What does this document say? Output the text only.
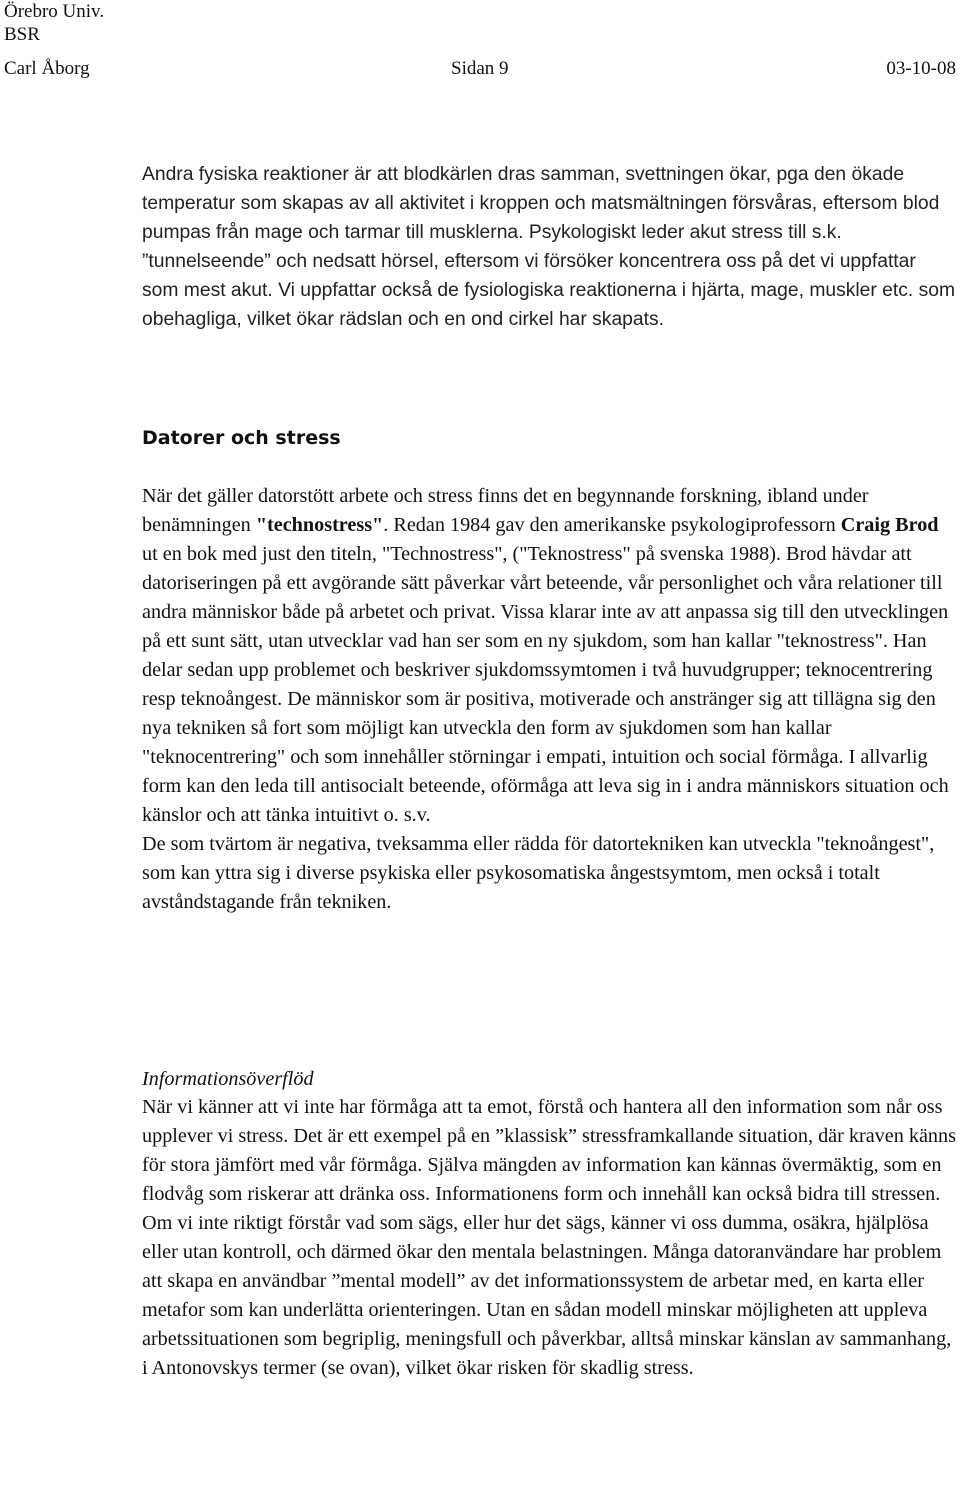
Örebro Univ.
BSR
Carl Åborg	Sidan 9	03-10-08
Andra fysiska reaktioner är att blodkärlen dras samman, svettningen ökar, pga den ökade temperatur som skapas av all aktivitet i kroppen och matsmältningen försvåras, eftersom blod pumpas från mage och tarmar till musklerna. Psykologiskt leder akut stress till s.k. ”tunnelseende” och nedsatt hörsel, eftersom vi försöker koncentrera oss på det vi uppfattar som mest akut. Vi uppfattar också de fysiologiska reaktionerna i hjärta, mage, muskler etc. som obehagliga, vilket ökar rädslan och en ond cirkel har skapats.
Datorer och stress

När det gäller datorstött arbete och stress finns det en begynnande forskning, ibland under benämningen "technostress". Redan 1984 gav den amerikanske psykologiprofessorn Craig Brod ut en bok med just den titeln, "Technostress", ("Teknostress" på svenska 1988). Brod hävdar att datoriseringen på ett avgörande sätt påverkar vårt beteende, vår personlighet och våra relationer till andra människor både på arbetet och privat. Vissa klarar inte av att anpassa sig till den utvecklingen på ett sunt sätt, utan utvecklar vad han ser som en ny sjukdom, som han kallar "teknostress". Han delar sedan upp problemet och beskriver sjukdomssymtomen i två huvudgrupper; teknocentrering resp teknoångest. De människor som är positiva, motiverade och anstränger sig att tillägna sig den nya tekniken så fort som möjligt kan utveckla den form av sjukdomen som han kallar "teknocentrering" och som innehåller störningar i empati, intuition och social förmåga. I allvarlig form kan den leda till antisocialt beteende, oförmåga att leva sig in i andra människors situation och känslor och att tänka intuitivt o. s.v.

De som tvärtom är negativa, tveksamma eller rädda för datortekniken kan utveckla "teknoångest", som kan yttra sig i diverse psykiska eller psykosomatiska ångestsymtom, men också i totalt avståndstagande från tekniken.

Informationsöverflöd

När vi känner att vi inte har förmåga att ta emot, förstå och hantera all den information som når oss upplever vi stress. Det är ett exempel på en ”klassisk” stressframkallande situation, där kraven känns för stora jämfört med vår förmåga. Själva mängden av information kan kännas övermäktig, som en flodvåg som riskerar att dränka oss. Informationens form och innehåll kan också bidra till stressen. Om vi inte riktigt förstår vad som sägs, eller hur det sägs, känner vi oss dumma, osäkra, hjälplösa eller utan kontroll, och därmed ökar den mentala belastningen. Många datoranvändare har problem att skapa en användbar ”mental modell” av det informationssystem de arbetar med, en karta eller metafor som kan underlätta orienteringen. Utan en sådan modell minskar möjligheten att uppleva arbetssituationen som begriplig, meningsfull och påverkbar, alltså minskar känslan av sammanhang, i Antonovskys termer (se ovan), vilket ökar risken för skadlig stress.
